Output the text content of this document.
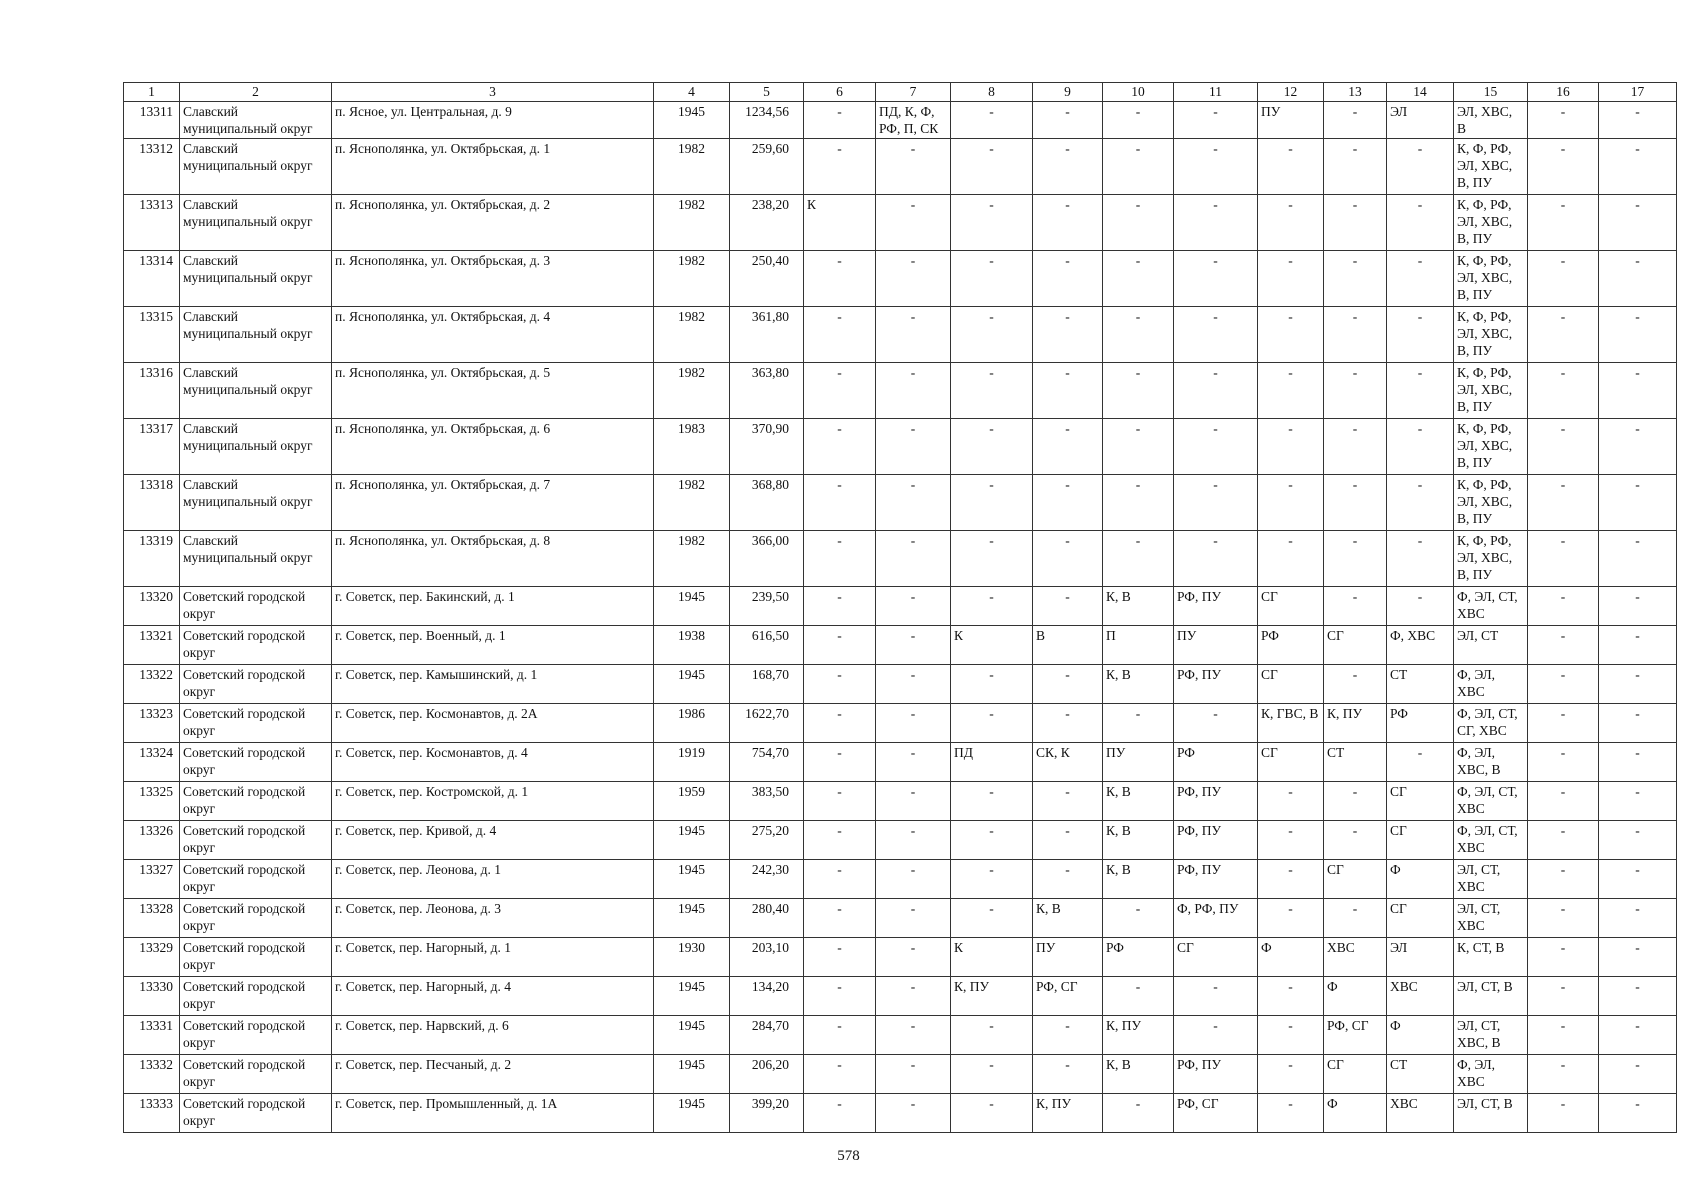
1	2	3	4	5	6	7	8	9	10	11	12	13	14	15	16	17
13311	Славский муниципальный округ	п. Ясное, ул. Центральная, д. 9	1945	1234,56	-	ПД, К, Ф, РФ, П, СК	-	-	-	-	ПУ	-	ЭЛ	ЭЛ, ХВС, В	-	-
13312	Славский муниципальный округ	п. Яснополянка, ул. Октябрьская, д. 1	1982	259,60	-	-	-	-	-	-	-	-	-	К, Ф, РФ, ЭЛ, ХВС, В, ПУ	-	-
13313	Славский муниципальный округ	п. Яснополянка, ул. Октябрьская, д. 2	1982	238,20	К	-	-	-	-	-	-	-	-	К, Ф, РФ, ЭЛ, ХВС, В, ПУ	-	-
13314	Славский муниципальный округ	п. Яснополянка, ул. Октябрьская, д. 3	1982	250,40	-	-	-	-	-	-	-	-	-	К, Ф, РФ, ЭЛ, ХВС, В, ПУ	-	-
13315	Славский муниципальный округ	п. Яснополянка, ул. Октябрьская, д. 4	1982	361,80	-	-	-	-	-	-	-	-	-	К, Ф, РФ, ЭЛ, ХВС, В, ПУ	-	-
13316	Славский муниципальный округ	п. Яснополянка, ул. Октябрьская, д. 5	1982	363,80	-	-	-	-	-	-	-	-	-	К, Ф, РФ, ЭЛ, ХВС, В, ПУ	-	-
13317	Славский муниципальный округ	п. Яснополянка, ул. Октябрьская, д. 6	1983	370,90	-	-	-	-	-	-	-	-	-	К, Ф, РФ, ЭЛ, ХВС, В, ПУ	-	-
13318	Славский муниципальный округ	п. Яснополянка, ул. Октябрьская, д. 7	1982	368,80	-	-	-	-	-	-	-	-	-	К, Ф, РФ, ЭЛ, ХВС, В, ПУ	-	-
13319	Славский муниципальный округ	п. Яснополянка, ул. Октябрьская, д. 8	1982	366,00	-	-	-	-	-	-	-	-	-	К, Ф, РФ, ЭЛ, ХВС, В, ПУ	-	-
13320	Советский городской округ	г. Советск, пер. Бакинский, д. 1	1945	239,50	-	-	-	-	К, В	РФ, ПУ	СГ	-	-	Ф, ЭЛ, СТ, ХВС	-	-
13321	Советский городской округ	г. Советск, пер. Военный, д. 1	1938	616,50	-	-	К	В	П	ПУ	РФ	СГ	Ф, ХВС	ЭЛ, СТ	-	-
13322	Советский городской округ	г. Советск, пер. Камышинский, д. 1	1945	168,70	-	-	-	-	К, В	РФ, ПУ	СГ	-	СТ	Ф, ЭЛ, ХВС	-	-
13323	Советский городской округ	г. Советск, пер. Космонавтов, д. 2А	1986	1622,70	-	-	-	-	-	-	К, ГВС, В	К, ПУ	РФ	Ф, ЭЛ, СТ, СГ, ХВС	-	-
13324	Советский городской округ	г. Советск, пер. Космонавтов, д. 4	1919	754,70	-	-	ПД	СК, К	ПУ	РФ	СГ	СТ	-	Ф, ЭЛ, ХВС, В	-	-
13325	Советский городской округ	г. Советск, пер. Костромской, д. 1	1959	383,50	-	-	-	-	К, В	РФ, ПУ	-	-	СГ	Ф, ЭЛ, СТ, ХВС	-	-
13326	Советский городской округ	г. Советск, пер. Кривой, д. 4	1945	275,20	-	-	-	-	К, В	РФ, ПУ	-	-	СГ	Ф, ЭЛ, СТ, ХВС	-	-
13327	Советский городской округ	г. Советск, пер. Леонова, д. 1	1945	242,30	-	-	-	-	К, В	РФ, ПУ	-	СГ	Ф	ЭЛ, СТ, ХВС	-	-
13328	Советский городской округ	г. Советск, пер. Леонова, д. 3	1945	280,40	-	-	-	К, В	-	Ф, РФ, ПУ	-	-	СГ	ЭЛ, СТ, ХВС	-	-
13329	Советский городской округ	г. Советск, пер. Нагорный, д. 1	1930	203,10	-	-	К	ПУ	РФ	СГ	Ф	ХВС	ЭЛ	К, СТ, В	-	-
13330	Советский городской округ	г. Советск, пер. Нагорный, д. 4	1945	134,20	-	-	К, ПУ	РФ, СГ	-	-	-	Ф	ХВС	ЭЛ, СТ, В	-	-
13331	Советский городской округ	г. Советск, пер. Нарвский, д. 6	1945	284,70	-	-	-	-	К, ПУ	-	-	РФ, СГ	Ф	ЭЛ, СТ, ХВС, В	-	-
13332	Советский городской округ	г. Советск, пер. Песчаный, д. 2	1945	206,20	-	-	-	-	К, В	РФ, ПУ	-	СГ	СТ	Ф, ЭЛ, ХВС	-	-
13333	Советский городской округ	г. Советск, пер. Промышленный, д. 1А	1945	399,20	-	-	-	К, ПУ	-	РФ, СГ	-	Ф	ХВС	ЭЛ, СТ, В	-	-
578
